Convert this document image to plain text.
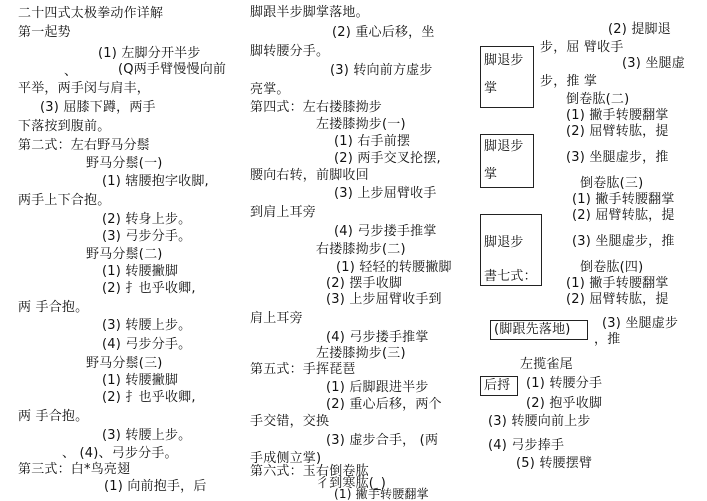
二十四式太极拳动作详解
第一起势
(1) 左脚分开半步
、	(Q两手臂慢慢向前
平举，两手闵与肩丰，
(3) 屈膝下蹲，两手
下落按到腹前。
第二式：左右野马分鬃
野马分鬃(一)
(1) 辖腰抱字收脚,
两手上下合抱。
(2) 转身上步。
(3) 弓步分手。
野马分鬃(二)
(1) 转腰撇脚
(2) 扌也乎收卿,
两 手合抱。
(3) 转腰上步。
(4) 弓步分手。
野马分鬃(三)
(1) 转腰撇脚
(2) 扌也乎收卿,
两 手合抱。
(3) 转腰上步。
、 (4)、弓步分手。
第三式：白*鸟亮翅
(1) 向前抱手，后
脚跟半步脚掌落地。
(2) 重心后移，坐
脚转腰分手。
(3) 转向前方虚步
亮掌。
第四式：左右搂膝拗步
左搂膝拗步(一)
(1) 右手前摆
(2) 两手交叉抡摆,
腰向右转，前脚收回
(3) 上步屈臂收手
到肩上耳旁
(4) 弓步搂手推掌
右搂膝拗步(二)
(1) 轻轻的转腰撇脚
(2) 摆手收脚
(3) 上步屈臂收手到
肩上耳旁
(4) 弓步搂手推掌
左搂膝拗步(三)
第五式：手挥琵琶
(1) 后脚跟进半步
(2) 重心后移，两个
手交错，交换
(3) 虚步合手， (两
手成侧立掌)
第六式：玉右倒卷肱
彳到寒肱(_)
(1) 撇手转腰翻掌
脚退步
掌
脚退步
掌
脚退步
書七式：
(脚跟先落地)
后捋
(2) 提脚退
步，屈 臂收手
(3) 坐腿虚
步，推 掌
倒卷肱(二)
(1) 撇手转腰翻掌
(2) 屈臂转肱，提
(3) 坐腿虚步，推
倒卷肱(三)
(1) 撇手转腰翻掌
(2) 屈臂转肱，提
(3) 坐腿虚步，推
倒卷肱(四)
(1) 撇手转腰翻掌
(2) 屈臂转肱，提
(3) 坐腿虚步
，推
左揽雀尾
(1) 转腰分手
(2) 抱乎收脚
(3) 转腰向前上步
(4) 弓步捧手
(5) 转腰摆臂
